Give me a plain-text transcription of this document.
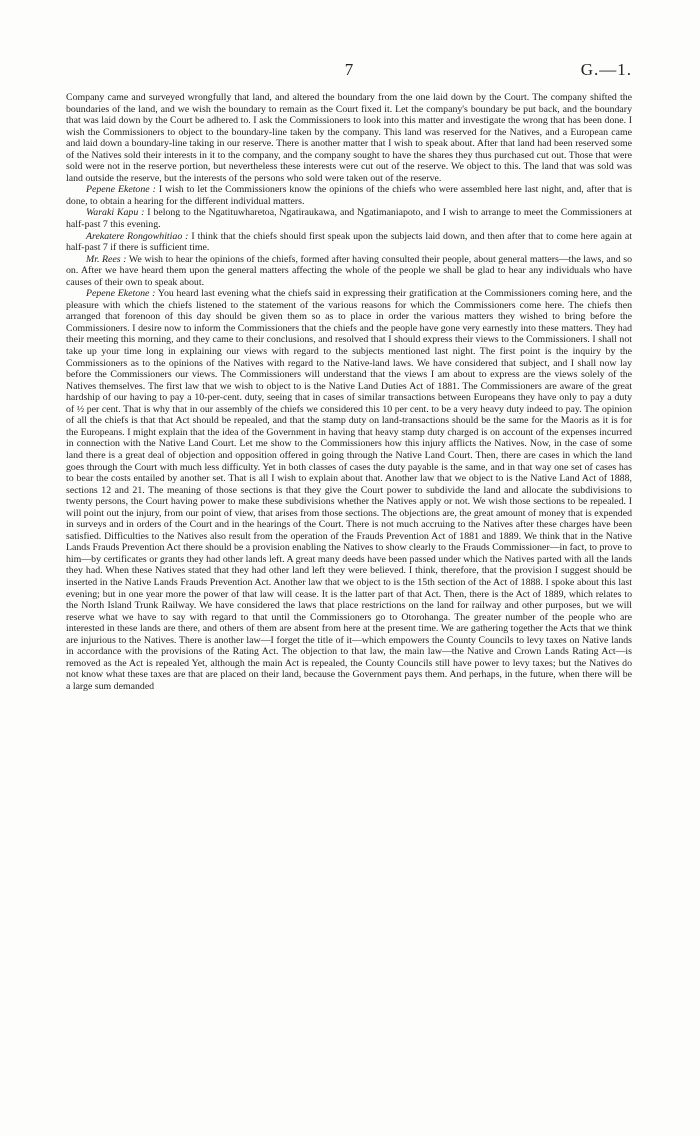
7	G.—1.

Company came and surveyed wrongfully that land, and altered the boundary from the one laid down by the Court. The company shifted the boundaries of the land, and we wish the boundary to remain as the Court fixed it. Let the company's boundary be put back, and the boundary that was laid down by the Court be adhered to. I ask the Commissioners to look into this matter and investigate the wrong that has been done. I wish the Commissioners to object to the boundary-line taken by the company. This land was reserved for the Natives, and a European came and laid down a boundary-line taking in our reserve. There is another matter that I wish to speak about. After that land had been reserved some of the Natives sold their interests in it to the company, and the company sought to have the shares they thus purchased cut out. Those that were sold were not in the reserve portion, but nevertheless these interests were cut out of the reserve. We object to this. The land that was sold was land outside the reserve, but the interests of the persons who sold were taken out of the reserve.

Pepene Eketone : I wish to let the Commissioners know the opinions of the chiefs who were assembled here last night, and, after that is done, to obtain a hearing for the different individual matters.

Waraki Kapu : I belong to the Ngatituwharetoa, Ngatiraukawa, and Ngatimaniapoto, and I wish to arrange to meet the Commissioners at half-past 7 this evening.

Arekatere Rongowhitiao : I think that the chiefs should first speak upon the subjects laid down, and then after that to come here again at half-past 7 if there is sufficient time.

Mr. Rees : We wish to hear the opinions of the chiefs, formed after having consulted their people, about general matters—the laws, and so on. After we have heard them upon the general matters affecting the whole of the people we shall be glad to hear any individuals who have causes of their own to speak about.

Pepene Eketone : You heard last evening what the chiefs said in expressing their gratification at the Commissioners coming here, and the pleasure with which the chiefs listened to the statement of the various reasons for which the Commissioners come here. The chiefs then arranged that forenoon of this day should be given them so as to place in order the various matters they wished to bring before the Commissioners. I desire now to inform the Commissioners that the chiefs and the people have gone very earnestly into these matters. They had their meeting this morning, and they came to their conclusions, and resolved that I should express their views to the Commissioners. I shall not take up your time long in explaining our views with regard to the subjects mentioned last night. The first point is the inquiry by the Commissioners as to the opinions of the Natives with regard to the Native-land laws. We have considered that subject, and I shall now lay before the Commissioners our views. The Commissioners will understand that the views I am about to express are the views solely of the Natives themselves. The first law that we wish to object to is the Native Land Duties Act of 1881. The Commissioners are aware of the great hardship of our having to pay a 10-per-cent. duty, seeing that in cases of similar transactions between Europeans they have only to pay a duty of ½ per cent. That is why that in our assembly of the chiefs we considered this 10 per cent. to be a very heavy duty indeed to pay. The opinion of all the chiefs is that that Act should be repealed, and that the stamp duty on land-transactions should be the same for the Maoris as it is for the Europeans. I might explain that the idea of the Government in having that heavy stamp duty charged is on account of the expenses incurred in connection with the Native Land Court. Let me show to the Commissioners how this injury afflicts the Natives. Now, in the case of some land there is a great deal of objection and opposition offered in going through the Native Land Court. Then, there are cases in which the land goes through the Court with much less difficulty. Yet in both classes of cases the duty payable is the same, and in that way one set of cases has to bear the costs entailed by another set. That is all I wish to explain about that. Another law that we object to is the Native Land Act of 1888, sections 12 and 21. The meaning of those sections is that they give the Court power to subdivide the land and allocate the subdivisions to twenty persons, the Court having power to make these subdivisions whether the Natives apply or not. We wish those sections to be repealed. I will point out the injury, from our point of view, that arises from those sections. The objections are, the great amount of money that is expended in surveys and in orders of the Court and in the hearings of the Court. There is not much accruing to the Natives after these charges have been satisfied. Difficulties to the Natives also result from the operation of the Frauds Prevention Act of 1881 and 1889. We think that in the Native Lands Frauds Prevention Act there should be a provision enabling the Natives to show clearly to the Frauds Commissioner—in fact, to prove to him—by certificates or grants they had other lands left. A great many deeds have been passed under which the Natives parted with all the lands they had. When these Natives stated that they had other land left they were believed. I think, therefore, that the provision I suggest should be inserted in the Native Lands Frauds Prevention Act. Another law that we object to is the 15th section of the Act of 1888. I spoke about this last evening; but in one year more the power of that law will cease. It is the latter part of that Act. Then, there is the Act of 1889, which relates to the North Island Trunk Railway. We have considered the laws that place restrictions on the land for railway and other purposes, but we will reserve what we have to say with regard to that until the Commissioners go to Otorohanga. The greater number of the people who are interested in these lands are there, and others of them are absent from here at the present time. We are gathering together the Acts that we think are injurious to the Natives. There is another law—I forget the title of it—which empowers the County Councils to levy taxes on Native lands in accordance with the provisions of the Rating Act. The objection to that law, the main law—the Native and Crown Lands Rating Act—is removed as the Act is repealed Yet, although the main Act is repealed, the County Councils still have power to levy taxes; but the Natives do not know what these taxes are that are placed on their land, because the Government pays them. And perhaps, in the future, when there will be a large sum demanded
